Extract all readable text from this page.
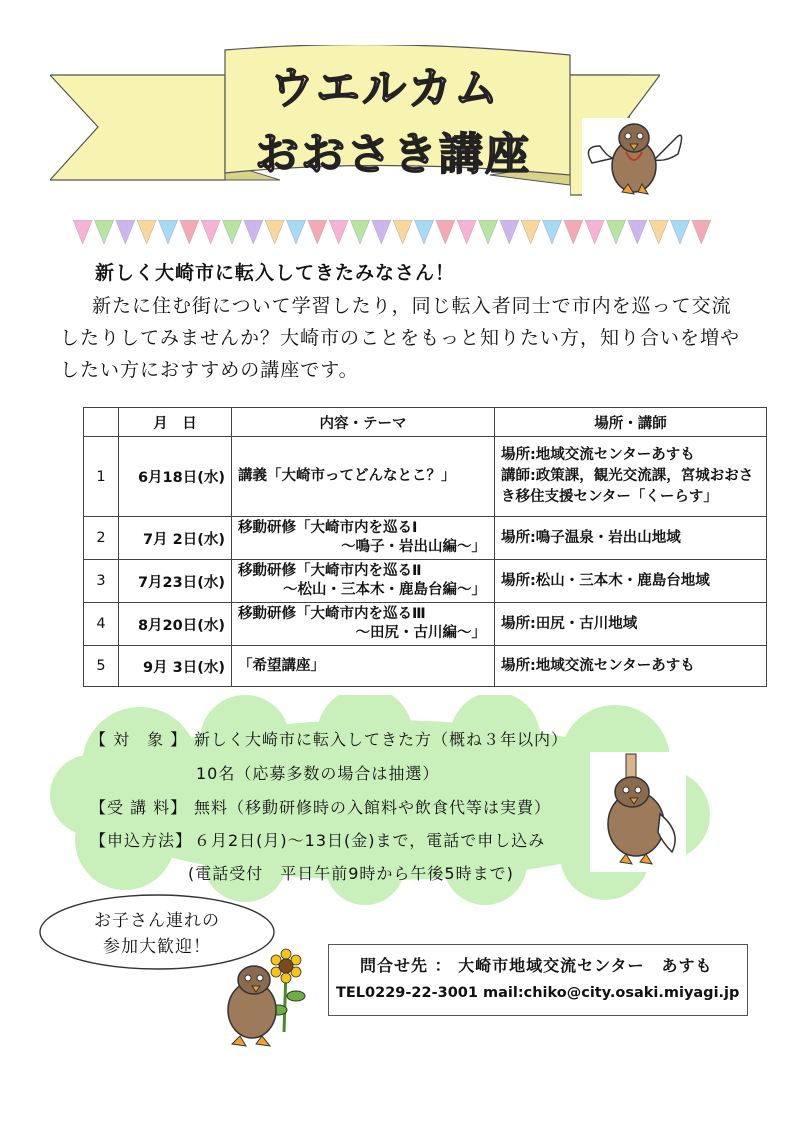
ウエルカム
おおさき講座
新しく大崎市に転入してきたみなさん！
新たに住む街について学習したり，同じ転入者同士で市内を巡って交流したりしてみませんか？大崎市のことをもっと知りたい方，知り合いを増やしたい方におすすめの講座です。
	月　日	内容・テーマ	場所・講師
1	6月18日(水)	講義「大崎市ってどんなとこ？」	場所:地域交流センターあすも
講師:政策課，観光交流課，宮城おおさき移住支援センター「くーらす」
2	7月 2日(水)	移動研修「大崎市内を巡るⅠ
～鳴子・岩出山編～」	場所:鳴子温泉・岩出山地域
3	7月23日(水)	移動研修「大崎市内を巡るⅡ
～松山・三本木・鹿島台編～」	場所:松山・三本木・鹿島台地域
4	8月20日(水)	移動研修「大崎市内を巡るⅢ
～田尻・古川編～」	場所:田尻・古川地域
5	9月 3日(水)	「希望講座」	場所:地域交流センターあすも
【 対　象 】 新しく大崎市に転入してきた方（概ね３年以内）
10名（応募多数の場合は抽選）
【受 講 料】 無料（移動研修時の入館料や飲食代等は実費）
【申込方法】 ６月2日(月)～13日(金)まで，電話で申し込み
(電話受付　平日午前9時から午後5時まで)
お子さん連れの
参加大歓迎！
問合せ先 ： 大崎市地域交流センター　あすも
TEL0229-22-3001 mail:chiko@city.osaki.miyagi.jp
